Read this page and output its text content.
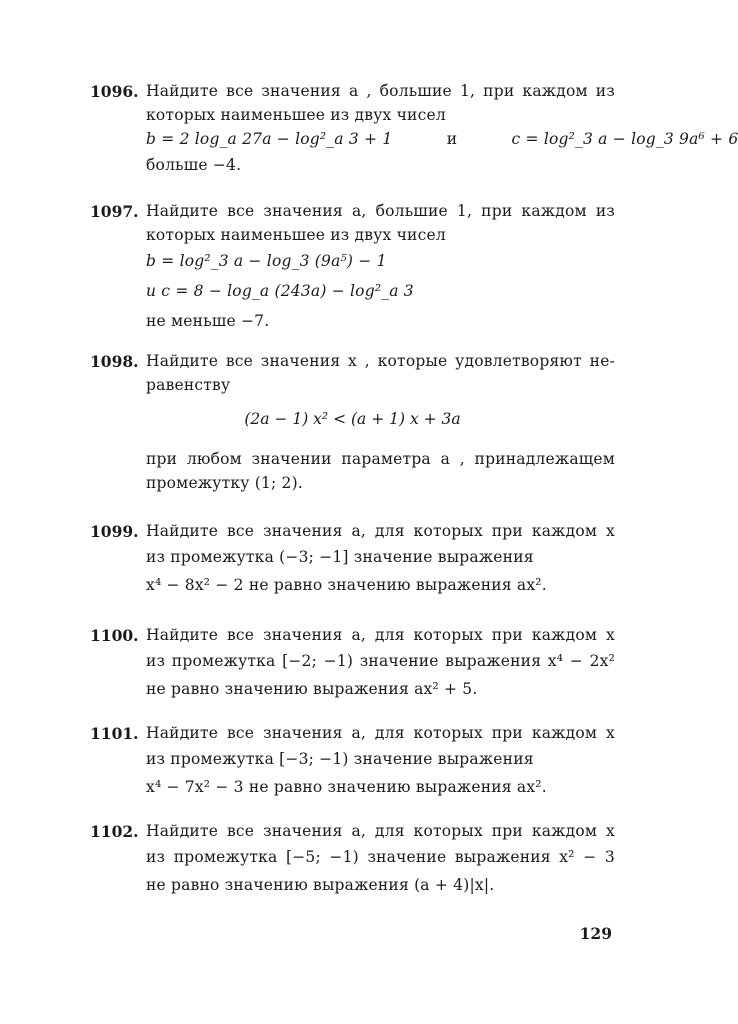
1096. Найдите все значения a , большие 1, при каждом из
которых наименьшее из двух чисел
b = 2 log_a 27a − log²_a 3 + 1	и	c = log²_3 a − log_3 9a⁶ + 6
больше −4.
1097. Найдите все значения a, большие 1, при каждом из
которых наименьшее из двух чисел
b = log²_3 a − log_3 (9a⁵) − 1
и c = 8 − log_a (243a) − log²_a 3
не меньше −7.
1098. Найдите все значения x , которые удовлетворяют не-
равенству
(2a − 1) x² < (a + 1) x + 3a
при любом значении параметра a , принадлежащем
промежутку (1; 2).
1099. Найдите все значения a, для которых при каждом x
из промежутка (−3; −1] значение выражения
x⁴ − 8x² − 2 не равно значению выражения ax².
1100. Найдите все значения a, для которых при каждом x
из промежутка [−2; −1) значение выражения x⁴ − 2x²
не равно значению выражения ax² + 5.
1101. Найдите все значения a, для которых при каждом x
из промежутка [−3; −1) значение выражения
x⁴ − 7x² − 3 не равно значению выражения ax².
1102. Найдите все значения a, для которых при каждом x
из промежутка [−5; −1) значение выражения x² − 3
не равно значению выражения (a + 4)|x|.
129
